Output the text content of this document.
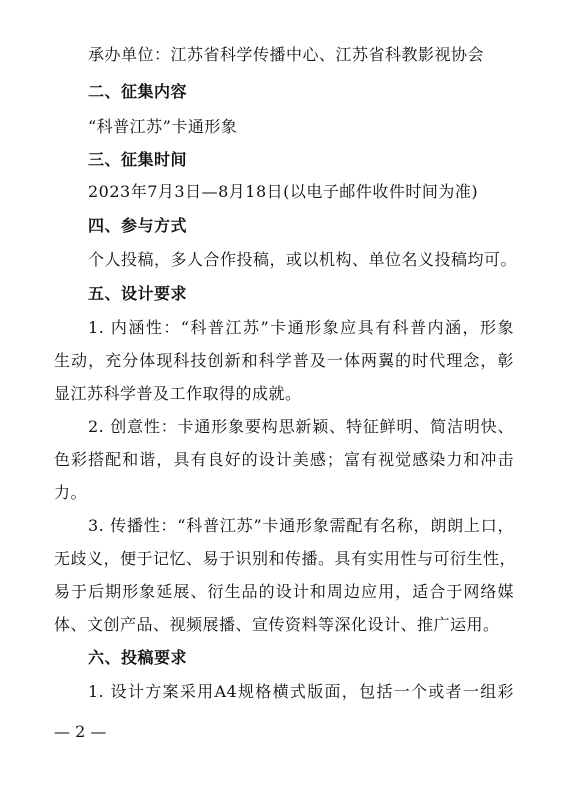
承办单位：江苏省科学传播中心、江苏省科教影视协会
二、征集内容
“科普江苏”卡通形象
三、征集时间
2023年7月3日—8月18日(以电子邮件收件时间为准)
四、参与方式
个人投稿，多人合作投稿，或以机构、单位名义投稿均可。
五、设计要求
1. 内涵性：“科普江苏”卡通形象应具有科普内涵，形象
生动，充分体现科技创新和科学普及一体两翼的时代理念，彰
显江苏科学普及工作取得的成就。
2. 创意性：卡通形象要构思新颖、特征鲜明、简洁明快、
色彩搭配和谐，具有良好的设计美感；富有视觉感染力和冲击
力。
3. 传播性：“科普江苏”卡通形象需配有名称，朗朗上口，
无歧义，便于记忆、易于识别和传播。具有实用性与可衍生性，
易于后期形象延展、衍生品的设计和周边应用，适合于网络媒
体、文创产品、视频展播、宣传资料等深化设计、推广运用。
六、投稿要求
1. 设计方案采用A4规格横式版面，包括一个或者一组彩
— 2 —
